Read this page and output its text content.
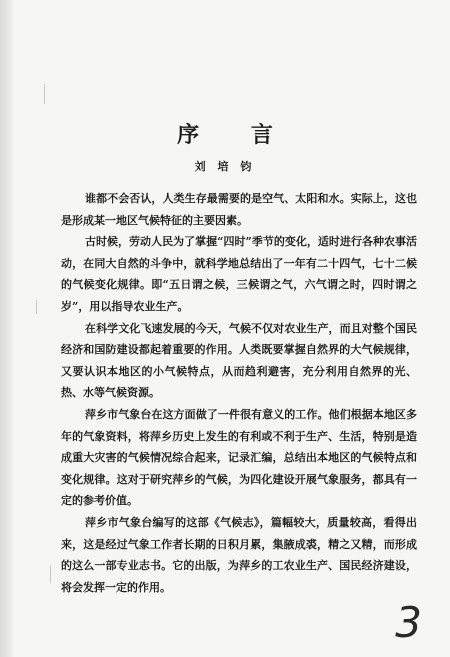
序 言
刘 培 钧

谁都不会否认，人类生存最需要的是空气、太阳和水。实际上，这也是形成某一地区气候特征的主要因素。

古时候，劳动人民为了掌握“四时”季节的变化，适时进行各种农事活动，在同大自然的斗争中，就科学地总结出了一年有二十四气，七十二候的气候变化规律。即“五日谓之候，三候谓之气，六气谓之时，四时谓之岁”，用以指导农业生产。

在科学文化飞速发展的今天，气候不仅对农业生产，而且对整个国民经济和国防建设都起着重要的作用。人类既要掌握自然界的大气候规律，又要认识本地区的小气候特点，从而趋利避害，充分利用自然界的光、热、水等气候资源。

萍乡市气象台在这方面做了一件很有意义的工作。他们根据本地区多年的气象资料，将萍乡历史上发生的有利或不利于生产、生活，特别是造成重大灾害的气候情况综合起来，记录汇编，总结出本地区的气候特点和变化规律。这对于研究萍乡的气候，为四化建设开展气象服务，都具有一定的参考价值。

萍乡市气象台编写的这部《气候志》，篇幅较大，质量较高，看得出来，这是经过气象工作者长期的日积月累，集腋成裘，精之又精，而形成的这么一部专业志书。它的出版，为萍乡的工农业生产、国民经济建设，将会发挥一定的作用。

3
